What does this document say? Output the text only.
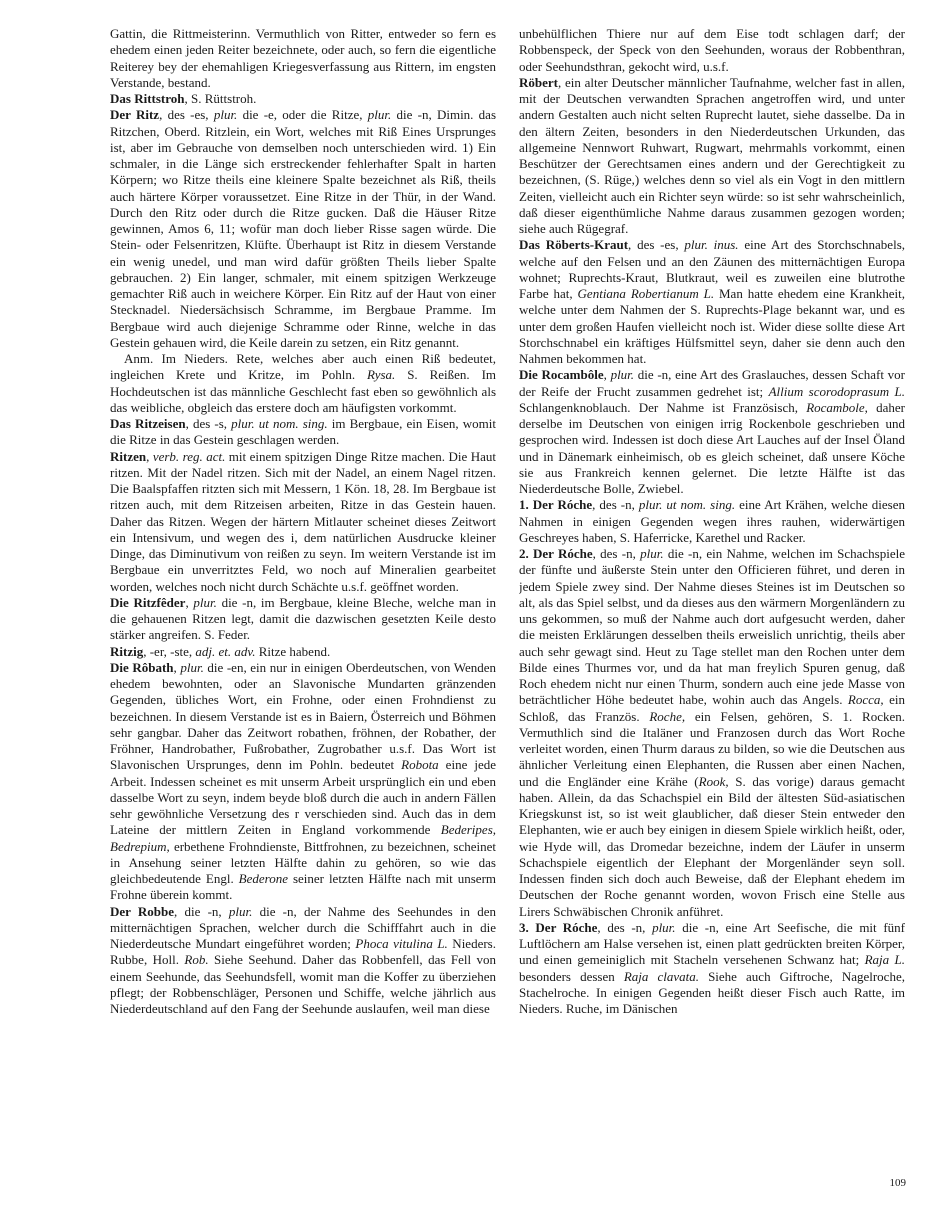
Gattin, die Rittmeisterinn. Vermuthlich von Ritter, entweder so fern es ehedem einen jeden Reiter bezeichnete, oder auch, so fern die eigentliche Reiterey bey der ehemahligen Kriegesverfassung aus Rittern, im engsten Verstande, bestand.

Das Rittstroh, S. Rüttstroh.

Der Ritz, des -es, plur. die -e, oder die Ritze, plur. die -n, Dimin. das Ritzchen, Oberd. Ritzlein, ein Wort, welches mit Riß Eines Ursprunges ist, aber im Gebrauche von demselben noch unterschieden wird. 1) Ein schmaler, in die Länge sich erstreckender fehlerhafter Spalt in harten Körpern; wo Ritze theils eine kleinere Spalte bezeichnet als Riß, theils auch härtere Körper voraussetzet. Eine Ritze in der Thür, in der Wand. Durch den Ritz oder durch die Ritze gucken. Daß die Häuser Ritze gewinnen, Amos 6, 11; wofür man doch lieber Risse sagen würde. Die Stein- oder Felsenritzen, Klüfte. Überhaupt ist Ritz in diesem Verstande ein wenig unedel, und man wird dafür größten Theils lieber Spalte gebrauchen. 2) Ein langer, schmaler, mit einem spitzigen Werkzeuge gemachter Riß auch in weichere Körper. Ein Ritz auf der Haut von einer Stecknadel. Niedersächsisch Schramme, im Bergbaue Pramme. Im Bergbaue wird auch diejenige Schramme oder Rinne, welche in das Gestein gehauen wird, die Keile darein zu setzen, ein Ritz genannt.

Anm. Im Nieders. Rete, welches aber auch einen Riß bedeutet, ingleichen Krete und Kritze, im Pohln. Rysa. S. Reißen. Im Hochdeutschen ist das männliche Geschlecht fast eben so gewöhnlich als das weibliche, obgleich das erstere doch am häufigsten vorkommt.

Das Ritzeisen, des -s, plur. ut nom. sing. im Bergbaue, ein Eisen, womit die Ritze in das Gestein geschlagen werden.

Ritzen, verb. reg. act. mit einem spitzigen Dinge Ritze machen. Die Haut ritzen. Mit der Nadel ritzen. Sich mit der Nadel, an einem Nagel ritzen. Die Baalspfaffen ritzten sich mit Messern, 1 Kön. 18, 28. Im Bergbaue ist ritzen auch, mit dem Ritzeisen arbeiten, Ritze in das Gestein hauen. Daher das Ritzen. Wegen der härtern Mitlauter scheinet dieses Zeitwort ein Intensivum, und wegen des i, dem natürlichen Ausdrucke kleiner Dinge, das Diminutivum von reißen zu seyn. Im weitern Verstande ist im Bergbaue ein unverritztes Feld, wo noch auf Mineralien gearbeitet worden, welches noch nicht durch Schächte u.s.f. geöffnet worden.

Die Ritzfêder, plur. die -n, im Bergbaue, kleine Bleche, welche man in die gehauenen Ritzen legt, damit die dazwischen gesetzten Keile desto stärker angreifen. S. Feder.

Ritzig, -er, -ste, adj. et. adv. Ritze habend.

Die Rôbath, plur. die -en, ein nur in einigen Oberdeutschen, von Wenden ehedem bewohnten, oder an Slavonische Mundarten gränzenden Gegenden, übliches Wort, ein Frohne, oder einen Frohndienst zu bezeichnen. In diesem Verstande ist es in Baiern, Österreich und Böhmen sehr gangbar. Daher das Zeitwort robathen, fröhnen, der Robather, der Fröhner, Handrobather, Fußrobather, Zugrobather u.s.f. Das Wort ist Slavonischen Ursprunges, denn im Pohln. bedeutet Robota eine jede Arbeit. Indessen scheinet es mit unserm Arbeit ursprünglich ein und eben dasselbe Wort zu seyn, indem beyde bloß durch die auch in andern Fällen sehr gewöhnliche Versetzung des r verschieden sind. Auch das in dem Lateine der mittlern Zeiten in England vorkommende Bederipes, Bedrepium, erbethene Frohndienste, Bittfrohnen, zu bezeichnen, scheinet in Ansehung seiner letzten Hälfte dahin zu gehören, so wie das gleichbedeutende Engl. Bederone seiner letzten Hälfte nach mit unserm Frohne überein kommt.

Der Robbe, die -n, plur. die -n, der Nahme des Seehundes in den mitternächtigen Sprachen, welcher durch die Schifffahrt auch in die Niederdeutsche Mundart eingeführet worden; Phoca vitulina L. Nieders. Rubbe, Holl. Rob. Siehe Seehund. Daher das Robbenfell, das Fell von einem Seehunde, das Seehundsfell, womit man die Koffer zu überziehen pflegt; der Robbenschläger, Personen und Schiffe, welche jährlich aus Niederdeutschland auf den Fang der Seehunde auslaufen, weil man diese

unbehülflichen Thiere nur auf dem Eise todt schlagen darf; der Robbenspeck, der Speck von den Seehunden, woraus der Robbenthran, oder Seehundsthran, gekocht wird, u.s.f.

Röbert, ein alter Deutscher männlicher Taufnahme, welcher fast in allen, mit der Deutschen verwandten Sprachen angetroffen wird, und unter andern Gestalten auch nicht selten Ruprecht lautet, siehe dasselbe. Da in den ältern Zeiten, besonders in den Niederdeutschen Urkunden, das allgemeine Nennwort Ruhwart, Rugwart, mehrmahls vorkommt, einen Beschützer der Gerechtsamen eines andern und der Gerechtigkeit zu bezeichnen, (S. Rüge,) welches denn so viel als ein Vogt in den mittlern Zeiten, vielleicht auch ein Richter seyn würde: so ist sehr wahrscheinlich, daß dieser eigenthümliche Nahme daraus zusammen gezogen worden; siehe auch Rügegraf.

Das Röberts-Kraut, des -es, plur. inus. eine Art des Storchschnabels, welche auf den Felsen und an den Zäunen des mitternächtigen Europa wohnet; Ruprechts-Kraut, Blutkraut, weil es zuweilen eine blutrothe Farbe hat, Gentiana Robertianum L. Man hatte ehedem eine Krankheit, welche unter dem Nahmen der S. Ruprechts-Plage bekannt war, und es unter dem großen Haufen vielleicht noch ist. Wider diese sollte diese Art Storchschnabel ein kräftiges Hülfsmittel seyn, daher sie denn auch den Nahmen bekommen hat.

Die Rocambôle, plur. die -n, eine Art des Graslauches, dessen Schaft vor der Reife der Frucht zusammen gedrehet ist; Allium scorodoprasum L. Schlangenknoblauch. Der Nahme ist Französisch, Rocambole, daher derselbe im Deutschen von einigen irrig Rockenbole geschrieben und gesprochen wird. Indessen ist doch diese Art Lauches auf der Insel Öland und in Dänemark einheimisch, ob es gleich scheinet, daß unsere Köche sie aus Frankreich kennen gelernet. Die letzte Hälfte ist das Niederdeutsche Bolle, Zwiebel.

1. Der Róche, des -n, plur. ut nom. sing. eine Art Krähen, welche diesen Nahmen in einigen Gegenden wegen ihres rauhen, widerwärtigen Geschreyes haben, S. Haferricke, Karethel und Racker.

2. Der Róche, des -n, plur. die -n, ein Nahme, welchen im Schachspiele der fünfte und äußerste Stein unter den Officieren führet, und deren in jedem Spiele zwey sind. Der Nahme dieses Steines ist im Deutschen so alt, als das Spiel selbst, und da dieses aus den wärmern Morgenländern zu uns gekommen, so muß der Nahme auch dort aufgesucht werden, daher die meisten Erklärungen desselben theils erweislich unrichtig, theils aber auch sehr gewagt sind. Heut zu Tage stellet man den Rochen unter dem Bilde eines Thurmes vor, und da hat man freylich Spuren genug, daß Roch ehedem nicht nur einen Thurm, sondern auch eine jede Masse von beträchtlicher Höhe bedeutet habe, wohin auch das Angels. Rocca, ein Schloß, das Französ. Roche, ein Felsen, gehören, S. 1. Rocken. Vermuthlich sind die Italäner und Franzosen durch das Wort Roche verleitet worden, einen Thurm daraus zu bilden, so wie die Deutschen aus ähnlicher Verleitung einen Elephanten, die Russen aber einen Nachen, und die Engländer eine Krähe (Rook, S. das vorige) daraus gemacht haben. Allein, da das Schachspiel ein Bild der ältesten Süd-asiatischen Kriegskunst ist, so ist weit glaublicher, daß dieser Stein entweder den Elephanten, wie er auch bey einigen in diesem Spiele wirklich heißt, oder, wie Hyde will, das Dromedar bezeichne, indem der Läufer in unserm Schachspiele eigentlich der Elephant der Morgenländer seyn soll. Indessen finden sich doch auch Beweise, daß der Elephant ehedem im Deutschen der Roche genannt worden, wovon Frisch eine Stelle aus Lirers Schwäbischen Chronik anführet.

3. Der Róche, des -n, plur. die -n, eine Art Seefische, die mit fünf Luftlöchern am Halse versehen ist, einen platt gedrückten breiten Körper, und einen gemeiniglich mit Stacheln versehenen Schwanz hat; Raja L. besonders dessen Raja clavata. Siehe auch Giftroche, Nagelroche, Stachelroche. In einigen Gegenden heißt dieser Fisch auch Ratte, im Nieders. Ruche, im Dänischen

109
